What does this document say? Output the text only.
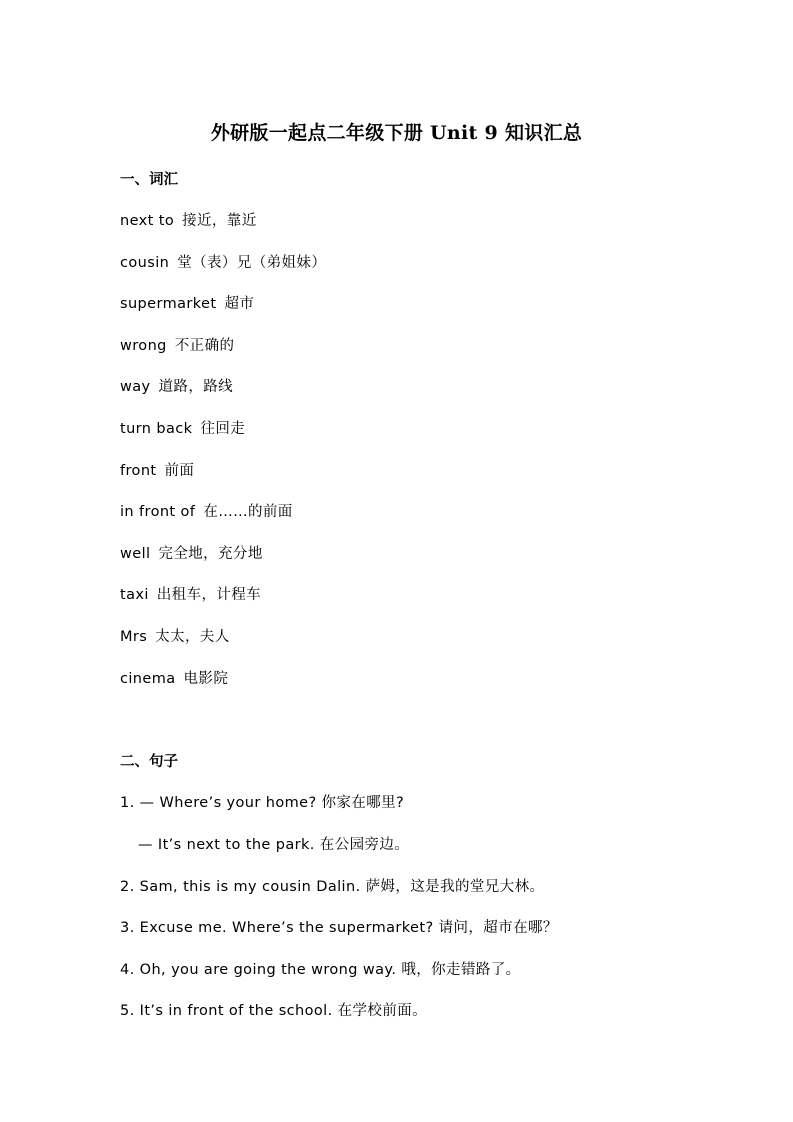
外研版一起点二年级下册 Unit 9 知识汇总
一、词汇
next to 接近，靠近
cousin 堂（表）兄（弟姐妹）
supermarket 超市
wrong 不正确的
way 道路，路线
turn back 往回走
front 前面
in front of 在……的前面
well 完全地，充分地
taxi 出租车，计程车
Mrs 太太，夫人
cinema 电影院
二、句子
1. — Where’s your home? 你家在哪里?
— It’s next to the park. 在公园旁边。
2. Sam, this is my cousin Dalin. 萨姆，这是我的堂兄大林。
3. Excuse me. Where’s the supermarket? 请问，超市在哪？
4. Oh, you are going the wrong way. 哦，你走错路了。
5. It’s in front of the school. 在学校前面。
